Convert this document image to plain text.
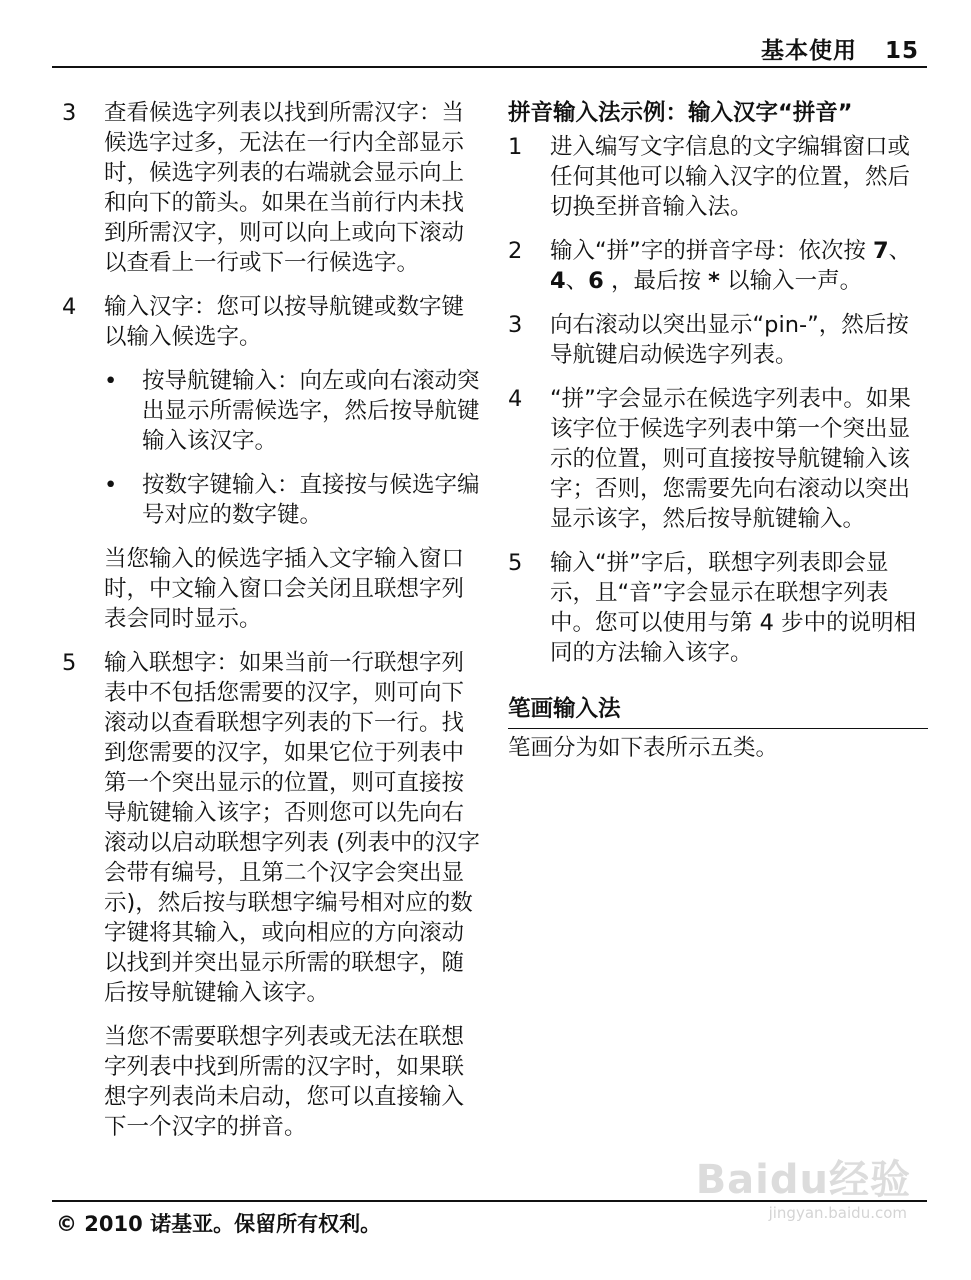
基本使用 15
3 查看候选字列表以找到所需汉字：当候选字过多，无法在一行内全部显示时，候选字列表的右端就会显示向上和向下的箭头。如果在当前行内未找到所需汉字，则可以向上或向下滚动以查看上一行或下一行候选字。
4 输入汉字：您可以按导航键或数字键以输入候选字。
• 按导航键输入：向左或向右滚动突出显示所需候选字，然后按导航键输入该汉字。
• 按数字键输入：直接按与候选字编号对应的数字键。
当您输入的候选字插入文字输入窗口时，中文输入窗口会关闭且联想字列表会同时显示。
5 输入联想字：如果当前一行联想字列表中不包括您需要的汉字，则可向下滚动以查看联想字列表的下一行。找到您需要的汉字，如果它位于列表中第一个突出显示的位置，则可直接按导航键输入该字；否则您可以先向右滚动以启动联想字列表 (列表中的汉字会带有编号，且第二个汉字会突出显示)，然后按与联想字编号相对应的数字键将其输入，或向相应的方向滚动以找到并突出显示所需的联想字，随后按导航键输入该字。
当您不需要联想字列表或无法在联想字列表中找到所需的汉字时，如果联想字列表尚未启动，您可以直接输入下一个汉字的拼音。
拼音输入法示例：输入汉字“拼音”
1 进入编写文字信息的文字编辑窗口或任何其他可以输入汉字的位置，然后切换至拼音输入法。
2 输入“拼”字的拼音字母：依次按 7、4、6 ，最后按 * 以输入一声。
3 向右滚动以突出显示“pin-”，然后按导航键启动候选字列表。
4 “拼”字会显示在候选字列表中。如果该字位于候选字列表中第一个突出显示的位置，则可直接按导航键输入该字；否则，您需要先向右滚动以突出显示该字，然后按导航键输入。
5 输入“拼”字后，联想字列表即会显示，且“音”字会显示在联想字列表中。您可以使用与第 4 步中的说明相同的方法输入该字。
笔画输入法
笔画分为如下表所示五类。
Baidu经验
jingyan.baidu.com
© 2010 诺基亚。保留所有权利。
